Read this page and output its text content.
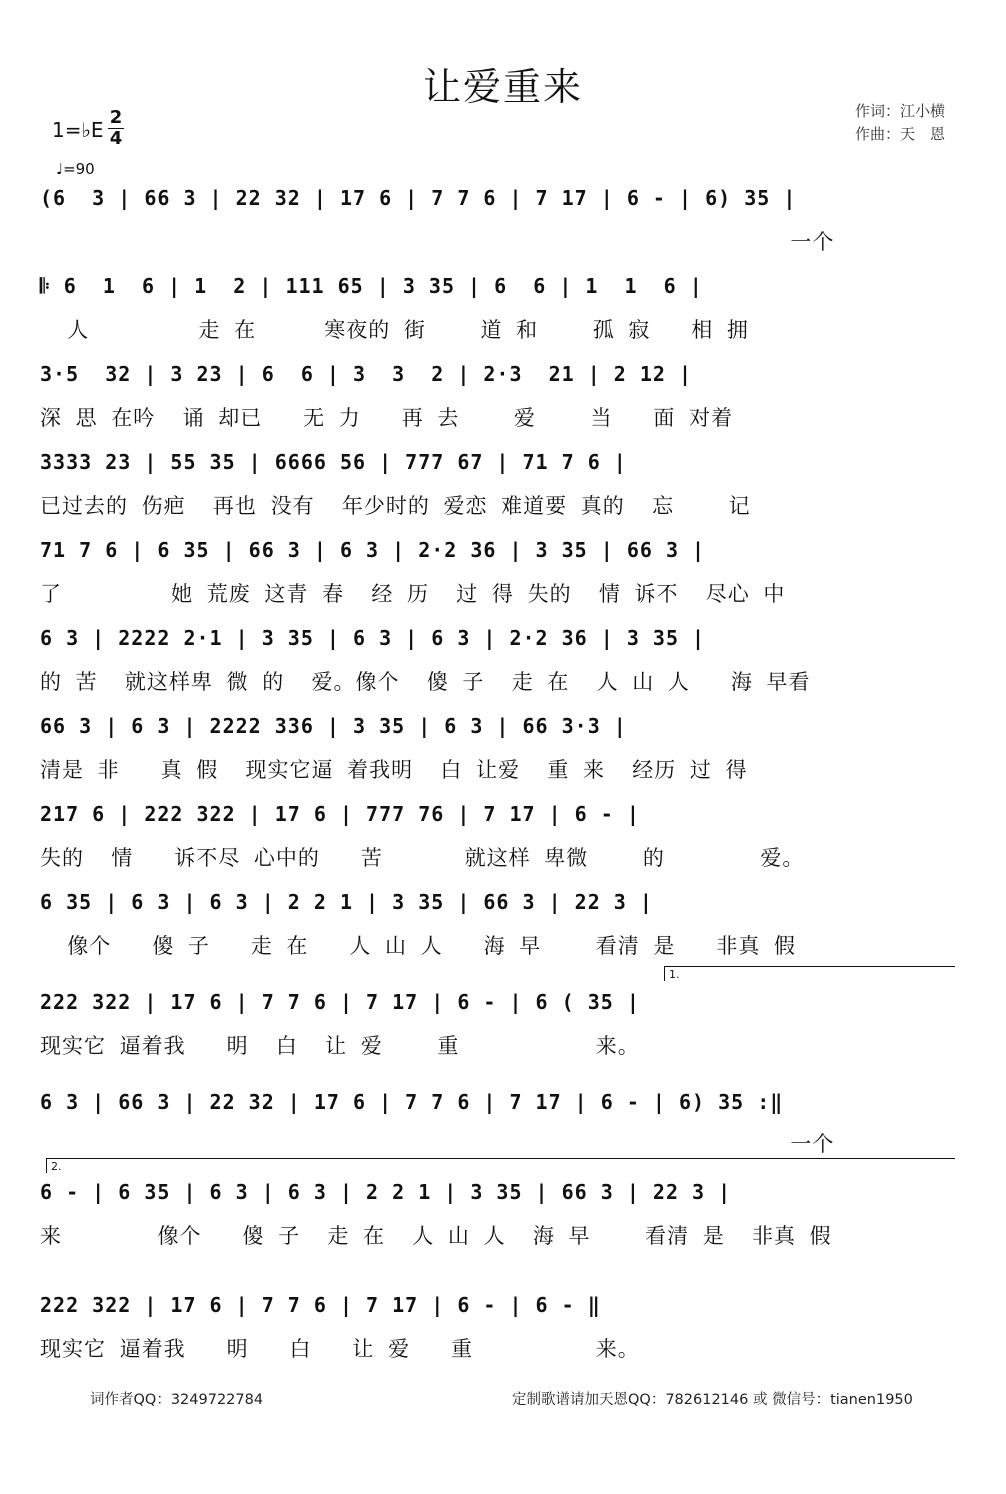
让爱重来
作词：江小横
作曲：天　恩
1=♭E
2
4
♩=90
(6  3 | 66 3 | 22 32 | 17 6 | 7 7 6 | 7 17 | 6 - | 6) 35 |
一个
𝄆 6  1  6 | 1  2 | 111 65 | 3 35 | 6  6 | 1  1  6 |
人        走 在     寒夜的 街    道 和    孤 寂   相 拥
3·5  32 | 3 23 | 6  6 | 3  3  2 | 2·3  21 | 2 12 |
深 思 在吟  诵 却已   无 力   再 去    爱    当   面 对着
3333 23 | 55 35 | 6666 56 | 777 67 | 71 7 6 |
已过去的 伤疤  再也 没有  年少时的 爱恋 难道要 真的  忘    记
71 7 6 | 6 35 | 66 3 | 6 3 | 2·2 36 | 3 35 | 66 3 |
了        她 荒废 这青 春  经 历  过 得 失的  情 诉不  尽心 中
6 3 | 2222 2·1 | 3 35 | 6 3 | 6 3 | 2·2 36 | 3 35 |
的 苦  就这样卑 微 的  爱。像个  傻 子  走 在  人 山 人   海 早看
66 3 | 6 3 | 2222 336 | 3 35 | 6 3 | 66 3·3 |
清是 非   真 假  现实它逼 着我明  白 让爱  重 来  经历 过 得
217 6 | 222 322 | 17 6 | 777 76 | 7 17 | 6 - |
失的  情   诉不尽 心中的   苦      就这样 卑微    的       爱。
6 35 | 6 3 | 6 3 | 2 2 1 | 3 35 | 66 3 | 22 3 |
像个   傻 子   走 在   人 山 人   海 早    看清 是   非真 假
1.
222 322 | 17 6 | 7 7 6 | 7 17 | 6 - | 6 ( 35 |
现实它 逼着我   明  白  让 爱    重          来。
6 3 | 66 3 | 22 32 | 17 6 | 7 7 6 | 7 17 | 6 - | 6) 35 :‖
一个
2.
6 - | 6 35 | 6 3 | 6 3 | 2 2 1 | 3 35 | 66 3 | 22 3 |
来       像个   傻 子  走 在  人 山 人  海 早    看清 是  非真 假
222 322 | 17 6 | 7 7 6 | 7 17 | 6 - | 6 - ‖
现实它 逼着我   明   白   让 爱   重         来。
词作者QQ：3249722784	定制歌谱请加天恩QQ：782612146 或 微信号：tianen1950
